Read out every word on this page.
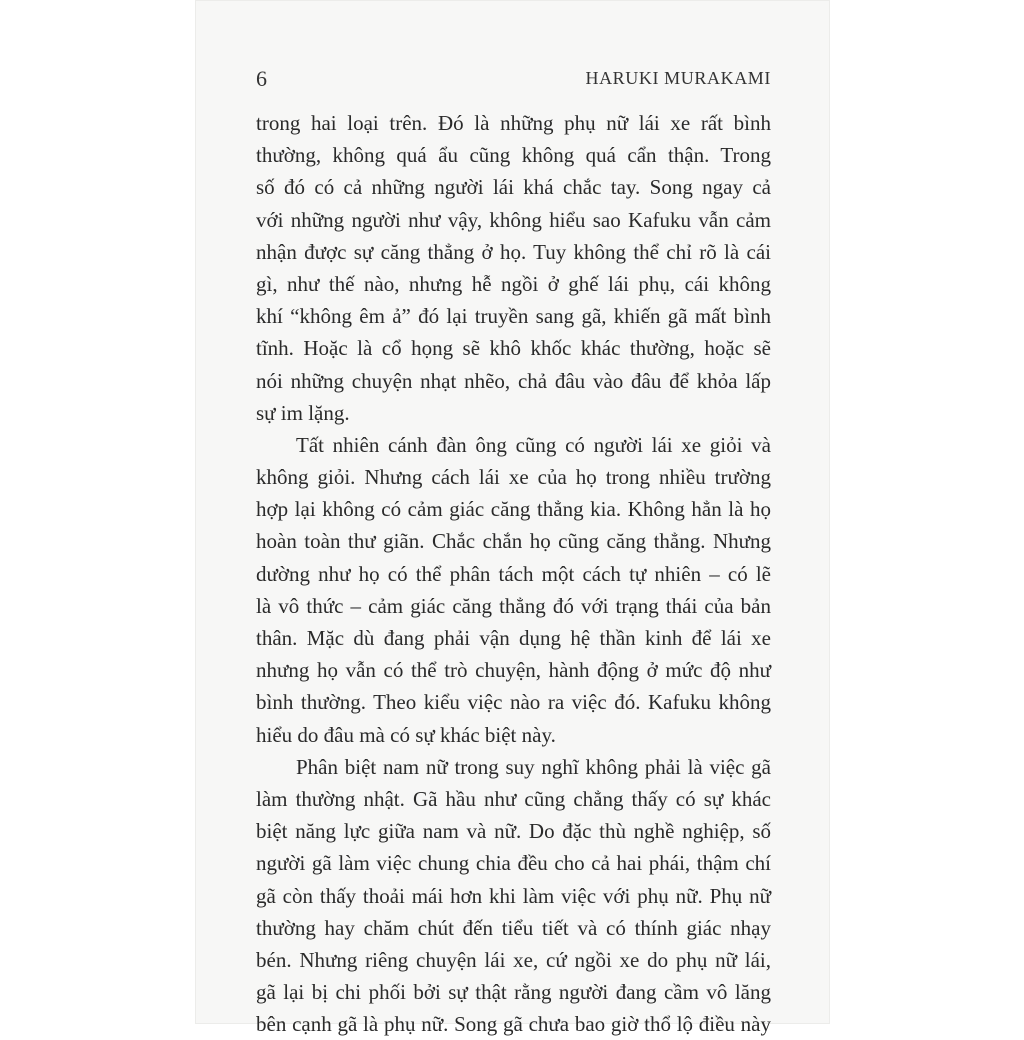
6	HARUKI MURAKAMI
trong hai loại trên. Đó là những phụ nữ lái xe rất bình
thường, không quá ẩu cũng không quá cẩn thận. Trong
số đó có cả những người lái khá chắc tay. Song ngay cả
với những người như vậy, không hiểu sao Kafuku vẫn cảm
nhận được sự căng thẳng ở họ. Tuy không thể chỉ rõ là cái
gì, như thế nào, nhưng hễ ngồi ở ghế lái phụ, cái không
khí “không êm ả” đó lại truyền sang gã, khiến gã mất bình
tĩnh. Hoặc là cổ họng sẽ khô khốc khác thường, hoặc sẽ
nói những chuyện nhạt nhẽo, chả đâu vào đâu để khỏa lấp
sự im lặng.
Tất nhiên cánh đàn ông cũng có người lái xe giỏi và
không giỏi. Nhưng cách lái xe của họ trong nhiều trường
hợp lại không có cảm giác căng thẳng kia. Không hẳn là họ
hoàn toàn thư giãn. Chắc chắn họ cũng căng thẳng. Nhưng
dường như họ có thể phân tách một cách tự nhiên – có lẽ
là vô thức – cảm giác căng thẳng đó với trạng thái của bản
thân. Mặc dù đang phải vận dụng hệ thần kinh để lái xe
nhưng họ vẫn có thể trò chuyện, hành động ở mức độ như
bình thường. Theo kiểu việc nào ra việc đó. Kafuku không
hiểu do đâu mà có sự khác biệt này.
Phân biệt nam nữ trong suy nghĩ không phải là việc gã
làm thường nhật. Gã hầu như cũng chẳng thấy có sự khác
biệt năng lực giữa nam và nữ. Do đặc thù nghề nghiệp, số
người gã làm việc chung chia đều cho cả hai phái, thậm chí
gã còn thấy thoải mái hơn khi làm việc với phụ nữ. Phụ nữ
thường hay chăm chút đến tiểu tiết và có thính giác nhạy
bén. Nhưng riêng chuyện lái xe, cứ ngồi xe do phụ nữ lái,
gã lại bị chi phối bởi sự thật rằng người đang cầm vô lăng
bên cạnh gã là phụ nữ. Song gã chưa bao giờ thổ lộ điều này
